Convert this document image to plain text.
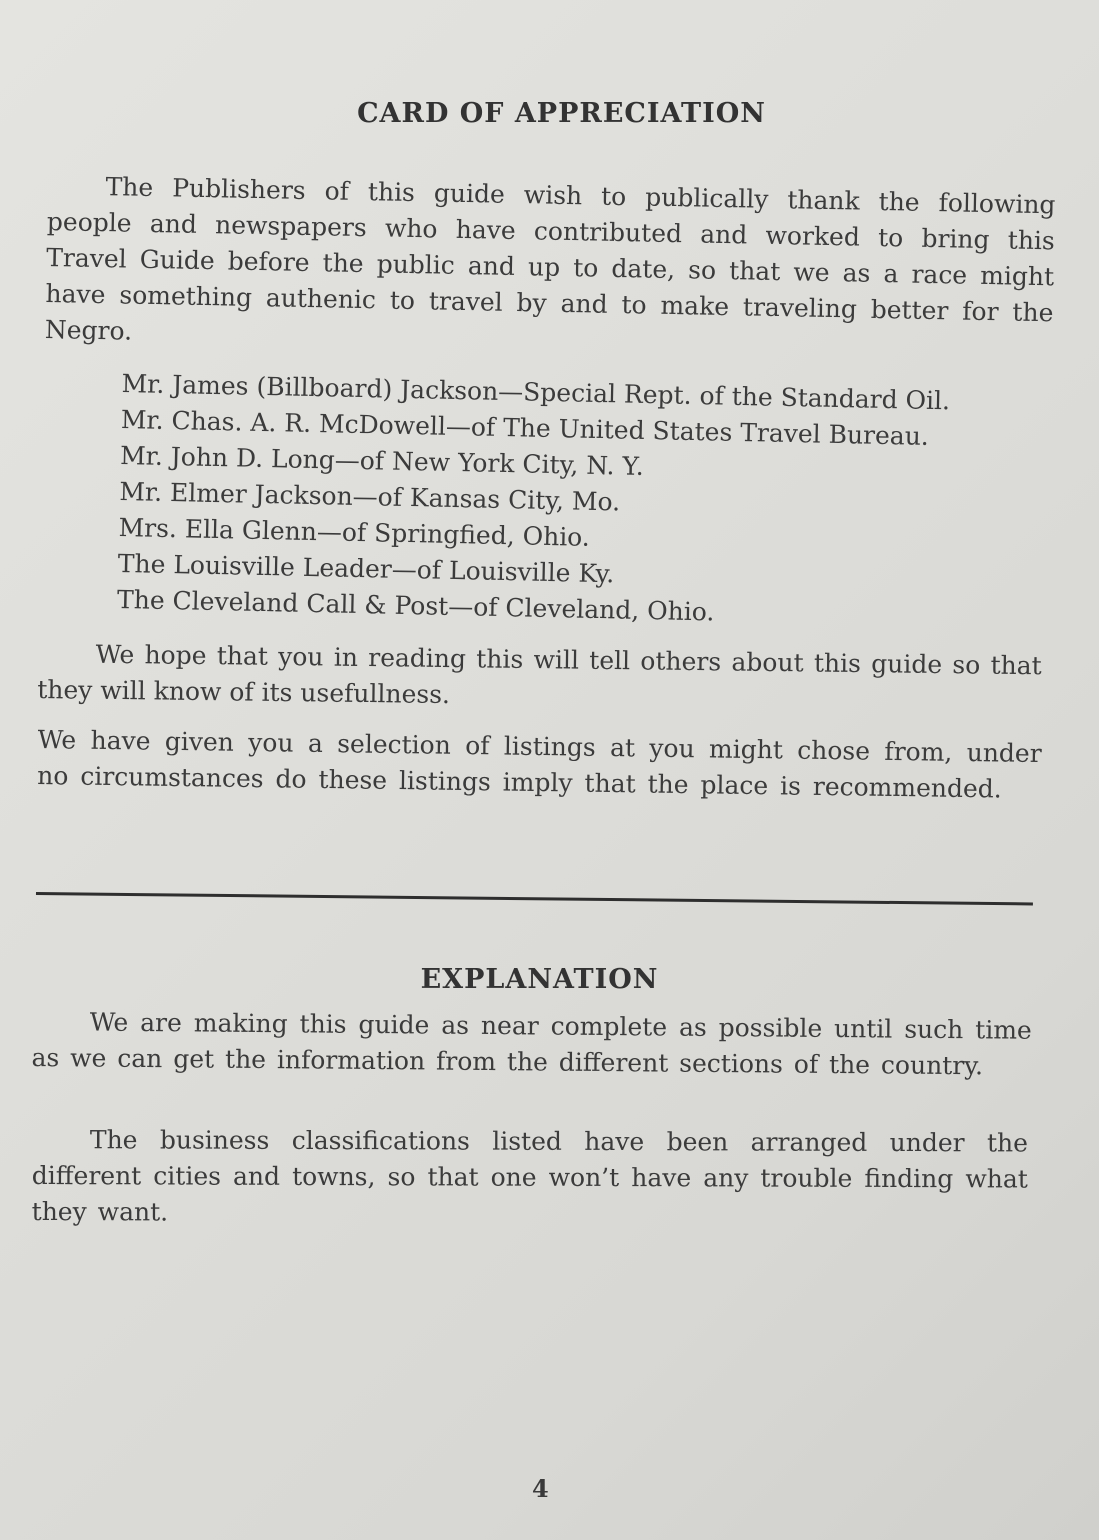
CARD OF APPRECIATION

The Publishers of this guide wish to publically thank the following people and newspapers who have contributed and worked to bring this Travel Guide before the public and up to date, so that we as a race might have something authenic to travel by and to make traveling better for the Negro.

Mr. James (Billboard) Jackson—Special Rept. of the Standard Oil.
Mr. Chas. A. R. McDowell—of The United States Travel Bureau.
Mr. John D. Long—of New York City, N. Y.
Mr. Elmer Jackson—of Kansas City, Mo.
Mrs. Ella Glenn—of Springfied, Ohio.
The Louisville Leader—of Louisville Ky.
The Cleveland Call & Post—of Cleveland, Ohio.

We hope that you in reading this will tell others about this guide so that they will know of its usefullness.

We have given you a selection of listings at you might chose from, under no circumstances do these listings imply that the place is recommended.

EXPLANATION

We are making this guide as near complete as possible until such time as we can get the information from the different sections of the country.

The business classifications listed have been arranged under the different cities and towns, so that one won’t have any trouble finding what they want.

4
